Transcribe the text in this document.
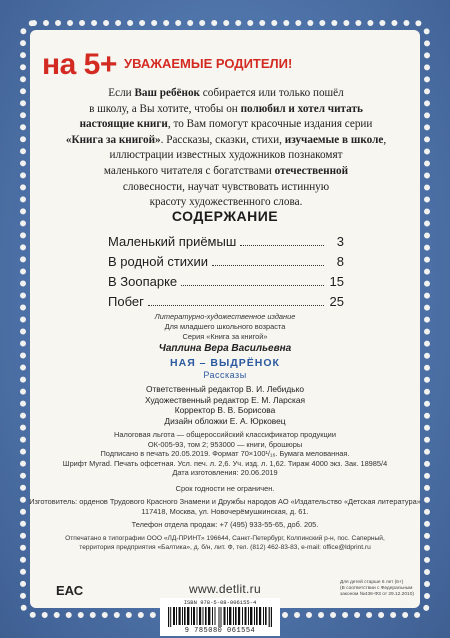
на 5+ УВАЖАЕМЫЕ РОДИТЕЛИ!
Если Ваш ребёнок собирается или только пошёл
в школу, а Вы хотите, чтобы он полюбил и хотел читать
настоящие книги, то Вам помогут красочные издания серии
«Книга за книгой». Рассказы, сказки, стихи, изучаемые в школе,
иллюстрации известных художников познакомят
маленького читателя с богатствами отечественной
словесности, научат чувствовать истинную
красоту художественного слова.
СОДЕРЖАНИЕ
Маленький приёмыш	3
В родной стихии	8
В Зоопарке	15
Побег	25
Литературно-художественное издание
Для младшего школьного возраста
Серия «Книга за книгой»
Чаплина Вера Васильевна
НАЯ – ВЫДРЁНОК
Рассказы
Ответственный редактор В. И. Лебидько
Художественный редактор Е. М. Ларская
Корректор В. В. Борисова
Дизайн обложки Е. А. Юрковец
Налоговая льгота — общероссийский классификатор продукции
ОК-005-93, том 2; 953000 — книги, брошюры
Подписано в печать 20.05.2019. Формат 70×100¹/₁₆. Бумага мелованная.
Шрифт Мугаd. Печать офсетная. Усл. печ. л. 2,6. Уч. изд. л. 1,62. Тираж 4000 экз. Зак. 18985/4
Дата изготовления: 20.06.2019
Срок годности не ограничен.
Изготовитель: орденов Трудового Красного Знамени и Дружбы народов АО «Издательство «Детская литература»
117418, Москва, ул. Новочерёмушкинская, д. 61.
Телефон отдела продаж: +7 (495) 933-55-65, доб. 205.
Отпечатано в типографии ООО «ЛД-ПРИНТ» 196644, Санкт-Петербург, Колпинский р-н, пос. Саперный,
территория предприятия «Балтика», д. б/н, лит. Ф, тел. (812) 462-83-83, e-mail: office@ldprint.ru
ЕАС	www.detlit.ru	Для детей старше 6 лет (6+)
(В соответствии с Федеральным
законом №436-ФЗ от 29.12.2010)
ISBN 978-5-08-006155-4
9 785080 061554
